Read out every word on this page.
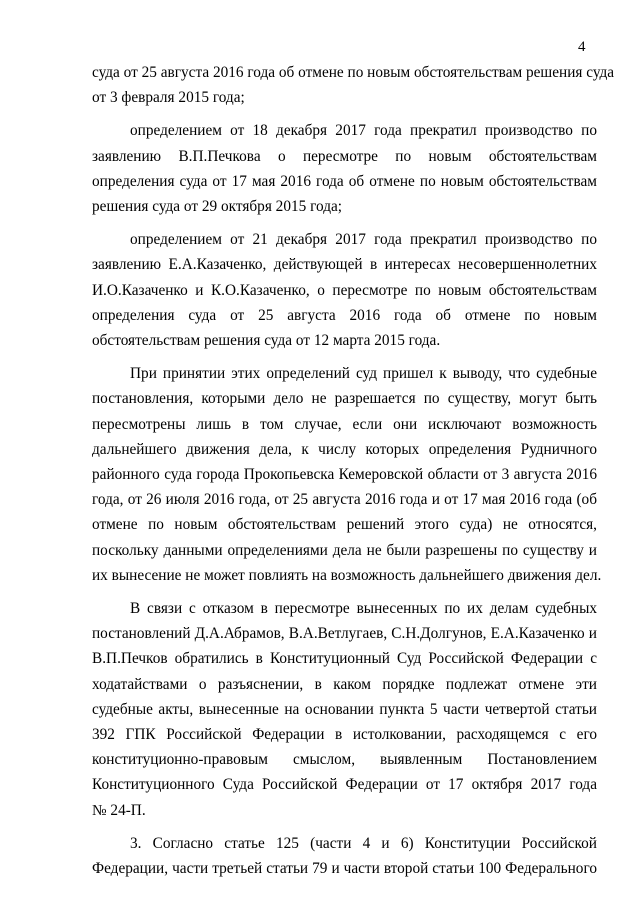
4
суда от 25 августа 2016 года об отмене по новым обстоятельствам решения суда
от 3 февраля 2015 года;
определением от 18 декабря 2017 года прекратил производство по
заявлению В.П.Печкова о пересмотре по новым обстоятельствам
определения суда от 17 мая 2016 года об отмене по новым обстоятельствам
решения суда от 29 октября 2015 года;
определением от 21 декабря 2017 года прекратил производство по
заявлению Е.А.Казаченко, действующей в интересах несовершеннолетних
И.О.Казаченко и К.О.Казаченко, о пересмотре по новым обстоятельствам
определения суда от 25 августа 2016 года об отмене по новым
обстоятельствам решения суда от 12 марта 2015 года.
При принятии этих определений суд пришел к выводу, что судебные
постановления, которыми дело не разрешается по существу, могут быть
пересмотрены лишь в том случае, если они исключают возможность
дальнейшего движения дела, к числу которых определения Рудничного
районного суда города Прокопьевска Кемеровской области от 3 августа 2016
года, от 26 июля 2016 года, от 25 августа 2016 года и от 17 мая 2016 года (об
отмене по новым обстоятельствам решений этого суда) не относятся,
поскольку данными определениями дела не были разрешены по существу и
их вынесение не может повлиять на возможность дальнейшего движения дел.
В связи с отказом в пересмотре вынесенных по их делам судебных
постановлений Д.А.Абрамов, В.А.Ветлугаев, С.Н.Долгунов, Е.А.Казаченко и
В.П.Печков обратились в Конституционный Суд Российской Федерации с
ходатайствами о разъяснении, в каком порядке подлежат отмене эти
судебные акты, вынесенные на основании пункта 5 части четвертой статьи
392 ГПК Российской Федерации в истолковании, расходящемся с его
конституционно-правовым смыслом, выявленным Постановлением
Конституционного Суда Российской Федерации от 17 октября 2017 года
№ 24-П.
3. Согласно статье 125 (части 4 и 6) Конституции Российской
Федерации, части третьей статьи 79 и части второй статьи 100 Федерального
